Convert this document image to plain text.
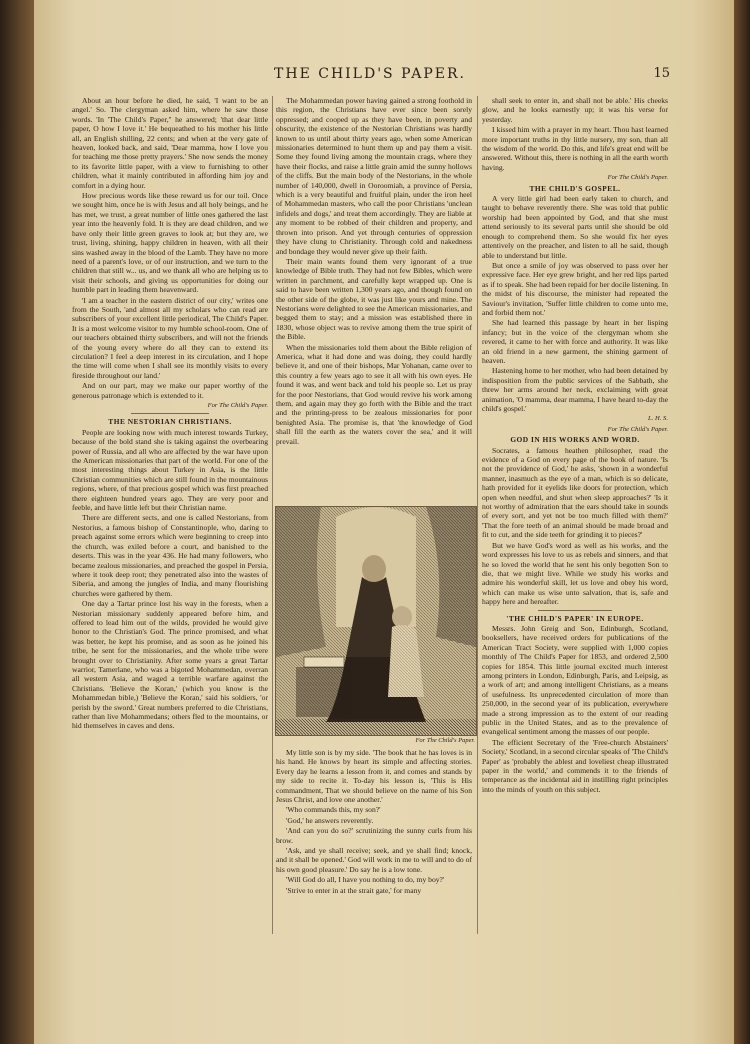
THE CHILD'S PAPER.	15

About an hour before he died, he said, 'I want to be an angel.' So. The clergyman asked him, where he saw those words. 'In 'The Child's Paper,'' he answered; 'that dear little paper, O how I love it.' He bequeathed to his mother his little all, an English shilling, 22 cents; and when at the very gate of heaven, looked back, and said, 'Dear mamma, how I love you for teaching me those pretty prayers.' She now sends the money to its favorite little paper, with a view to furnishing to other children, what it mainly contributed in affording him joy and comfort in a dying hour.

How precious words like these reward us for our toil. Once we sought him, once he is with Jesus and all holy beings, and he has met, we trust, a great number of little ones gathered the last year into the heavenly fold. It is they are dead children, and we have only their little green graves to look at; but they are, we trust, living, shining, happy children in heaven, with all their sins washed away in the blood of the Lamb. They have no more need of a parent's love, or of our instruction, and we turn to the children that still w... us, and we thank all who are helping us to visit their schools, and giving us opportunities for doing our humble part in leading them heavenward.

'I am a teacher in the eastern district of our city,' writes one from the South, 'and almost all my scholars who can read are subscribers of your excellent little periodical, The Child's Paper. It is a most welcome visitor to my humble school-room. One of our teachers obtained thirty subscribers, and will not the friends of the young every where do all they can to extend its circulation? I feel a deep interest in its circulation, and I hope the time will come when I shall see its monthly visits to every fireside throughout our land.'

And on our part, may we make our paper worthy of the generous patronage which is extended to it.

For The Child's Paper.

THE NESTORIAN CHRISTIANS.

People are looking now with much interest towards Turkey, because of the bold stand she is taking against the overbearing power of Russia, and all who are affected by the war have upon the American missionaries that part of the world. For one of the most interesting things about Turkey in Asia, is the little Christian communities which are still found in the mountainous regions, where, of that precious gospel which was first preached there eighteen hundred years ago. They are very poor and feeble, and have little left but their Christian name.

There are different sects, and one is called Nestorians, from Nestorius, a famous bishop of Constantinople, who, daring to preach against some errors which were beginning to creep into the church, was exiled before a court, and banished to the deserts. This was in the year 436. He had many followers, who became zealous missionaries, and preached the gospel in Persia, where it took deep root; they penetrated also into the wastes of Siberia, and among the jungles of India, and many flourishing churches were gathered by them.

One day a Tartar prince lost his way in the forests, when a Nestorian missionary suddenly appeared before him, and offered to lead him out of the wilds, provided he would give honor to the Christian's God. The prince promised, and what was better, he kept his promise, and as soon as he joined his tribe, he sent for the missionaries, and the whole tribe were brought over to Christianity. After some years a great Tartar warrior, Tamerlane, who was a bigoted Mohammedan, overran all western Asia, and waged a terrible warfare against the Christians. 'Believe the Koran,' (which you know is the Mohammedan bible,) 'Believe the Koran,' said his soldiers, 'or perish by the sword.' Great numbers preferred to die Christians, rather than live Mohammedans; others fled to the mountains, or hid themselves in caves and dens.

The Mohammedan power having gained a strong foothold in this region, the Christians have ever since been sorely oppressed; and cooped up as they have been, in poverty and obscurity, the existence of the Nestorian Christians was hardly known to us until about thirty years ago, when some American missionaries determined to hunt them up and pay them a visit. Some they found living among the mountain crags, where they have their flocks, and raise a little grain amid the sunny hollows of the cliffs. But the main body of the Nestorians, in the whole number of 140,000, dwell in Ooroomiah, a province of Persia, which is a very beautiful and fruitful plain, under the iron heel of Mohammedan masters, who call the poor Christians 'unclean infidels and dogs,' and treat them accordingly. They are liable at any moment to be robbed of their children and property, and thrown into prison. And yet through centuries of oppression they have clung to Christianity. Through cold and nakedness and bondage they would never give up their faith.

Their main wants found them very ignorant of a true knowledge of Bible truth. They had not few Bibles, which were written in parchment, and carefully kept wrapped up. One is said to have been written 1,300 years ago, and though found on the other side of the globe, it was just like yours and mine. The Nestorians were delighted to see the American missionaries, and begged them to stay; and a mission was established there in 1830, whose object was to revive among them the true spirit of the Bible.

When the missionaries told them about the Bible religion of America, what it had done and was doing, they could hardly believe it, and one of their bishops, Mar Yohanan, came over to this country a few years ago to see it all with his own eyes. He found it was, and went back and told his people so. Let us pray for the poor Nestorians, that God would revive his work among them, and again may they go forth with the Bible and the tract and the printing-press to be zealous missionaries for poor benighted Asia. The promise is, that 'the knowledge of God shall fill the earth as the waters cover the sea,' and it will prevail.

For The Child's Paper.

My little son is by my side. 'The book that he has loves is in his hand. He knows by heart its simple and affecting stories. Every day he learns a lesson from it, and comes and stands by my side to recite it. To-day his lesson is, 'This is His commandment, That we should believe on the name of his Son Jesus Christ, and love one another.'

'Who commands this, my son?'

'God,' he answers reverently.

'And can you do so?' scrutinizing the sunny curls from his brow.

'Ask, and ye shall receive; seek, and ye shall find; knock, and it shall be opened.' God will work in me to will and to do of his own good pleasure.' Do say he is a low tone.

'Will God do all, I have you nothing to do, my boy?'

'Strive to enter in at the strait gate,' for many

shall seek to enter in, and shall not be able.' His cheeks glow, and he looks earnestly up; it was his verse for yesterday.

I kissed him with a prayer in my heart. Thou hast learned more important truths in thy little nursery, my son, than all the wisdom of the world. Do this, and life's great end will be answered. Without this, there is nothing in all the earth worth having.

For The Child's Paper.

THE CHILD'S GOSPEL.

A very little girl had been early taken to church, and taught to behave reverently there. She was told that public worship had been appointed by God, and that she must attend seriously to its several parts until she should be old enough to comprehend them. So she would fix her eyes attentively on the preacher, and listen to all he said, though able to understand but little.

But once a smile of joy was observed to pass over her expressive face. Her eye grew bright, and her red lips parted as if to speak. She had been repaid for her docile listening. In the midst of his discourse, the minister had repeated the Saviour's invitation, 'Suffer little children to come unto me, and forbid them not.'

She had learned this passage by heart in her lisping infancy; but in the voice of the clergyman whom she revered, it came to her with force and authority. It was like an old friend in a new garment, the shining garment of heaven.

Hastening home to her mother, who had been detained by indisposition from the public services of the Sabbath, she threw her arms around her neck, exclaiming with great animation, 'O mamma, dear mamma, I have heard to-day the child's gospel.'

L. H. S.

For The Child's Paper.

GOD IN HIS WORKS AND WORD.

Socrates, a famous heathen philosopher, read the evidence of a God on every page of the book of nature. 'Is not the providence of God,' he asks, 'shown in a wonderful manner, inasmuch as the eye of a man, which is so delicate, hath provided for it eyelids like doors for protection, which open when needful, and shut when sleep approaches?' 'Is it not worthy of admiration that the ears should take in sounds of every sort, and yet not be too much filled with them?' 'That the fore teeth of an animal should be made broad and fit to cut, and the side teeth for grinding it to pieces?'

But we have God's word as well as his works, and the word expresses his love to us as rebels and sinners, and that he so loved the world that he sent his only begotten Son to die, that we might live. While we study his works and admire his wonderful skill, let us love and obey his word, which can make us wise unto salvation, that is, safe and happy here and hereafter.

'THE CHILD'S PAPER' IN EUROPE.

Messrs. John Greig and Son, Edinburgh, Scotland, booksellers, have received orders for publications of the American Tract Society, were supplied with 1,000 copies monthly of The Child's Paper for 1853, and ordered 2,500 copies for 1854. This little journal excited much interest among printers in London, Edinburgh, Paris, and Leipsig, as a work of art; and among intelligent Christians, as a means of usefulness. Its unprecedented circulation of more than 250,000, in the second year of its publication, everywhere made a strong impression as to the extent of our reading public in the United States, and as to the prevalence of evangelical sentiment among the masses of our people.

The efficient Secretary of the 'Free-church Abstainers' Society,' Scotland, in a second circular speaks of 'The Child's Paper' as 'probably the ablest and loveliest cheap illustrated paper in the world,' and commends it to the friends of temperance as the incidental aid in instilling right principles into the minds of youth on this subject.
